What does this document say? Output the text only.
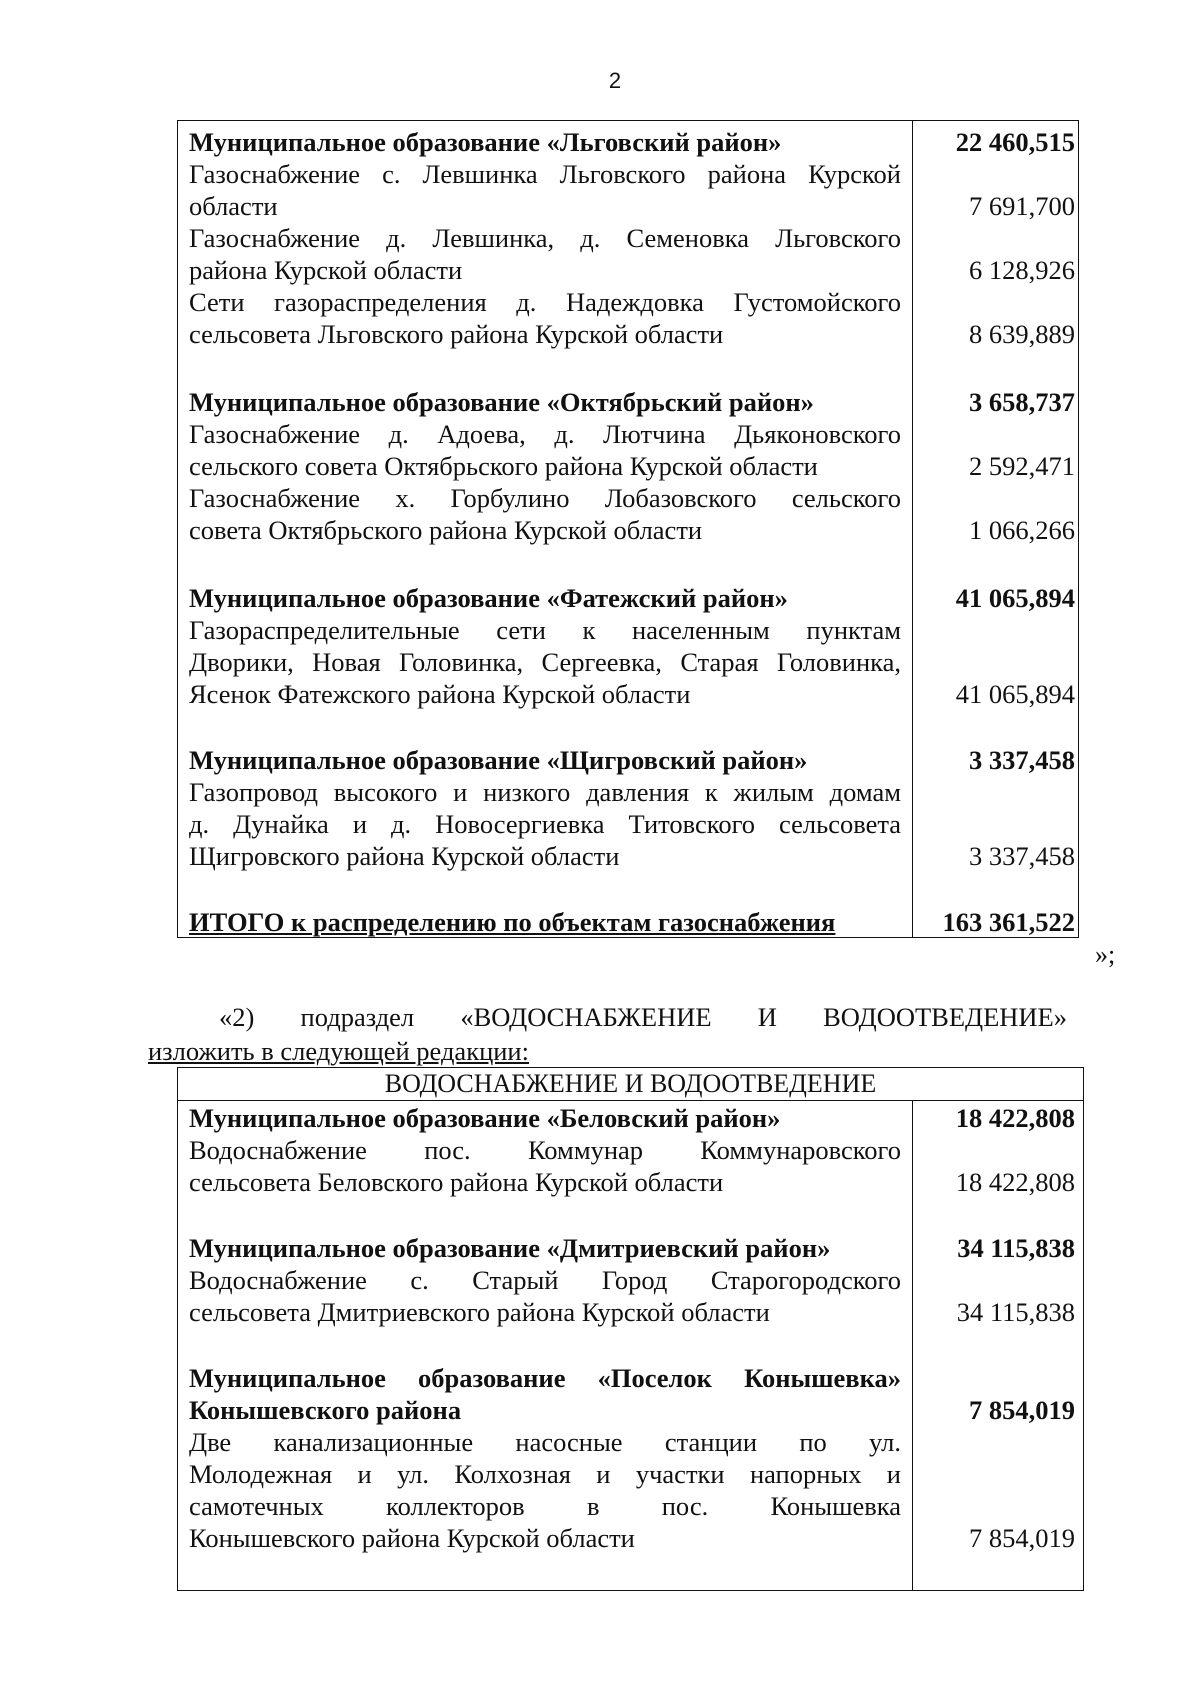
2
Муниципальное образование «Льговский район»	22 460,515
Газоснабжение с. Левшинка Льговского района Курской
области	7 691,700
Газоснабжение д. Левшинка, д. Семеновка Льговского
района Курской области	6 128,926
Сети газораспределения д. Надеждовка Густомойского
сельсовета Льговского района Курской области	8 639,889
Муниципальное образование «Октябрьский район»	3 658,737
Газоснабжение д. Адоева, д. Лютчина Дьяконовского
сельского совета Октябрьского района Курской области	2 592,471
Газоснабжение х. Горбулино Лобазовского сельского
совета Октябрьского района Курской области	1 066,266
Муниципальное образование «Фатежский район»	41 065,894
Газораспределительные сети к населенным пунктам
Дворики, Новая Головинка, Сергеевка, Старая Головинка,
Ясенок Фатежского района Курской области	41 065,894
Муниципальное образование «Щигровский район»	3 337,458
Газопровод высокого и низкого давления к жилым домам
д. Дунайка и д. Новосергиевка Титовского сельсовета
Щигровского района Курской области	3 337,458
ИТОГО к распределению по объектам газоснабжения	163 361,522
»;
«2) подраздел «ВОДОСНАБЖЕНИЕ И ВОДООТВЕДЕНИЕ»
изложить в следующей редакции:
ВОДОСНАБЖЕНИЕ И ВОДООТВЕДЕНИЕ
Муниципальное образование «Беловский район»	18 422,808
Водоснабжение пос. Коммунар Коммунаровского
сельсовета Беловского района Курской области	18 422,808
Муниципальное образование «Дмитриевский район»	34 115,838
Водоснабжение с. Старый Город Старогородского
сельсовета Дмитриевского района Курской области	34 115,838
Муниципальное образование «Поселок Конышевка»
Конышевского района	7 854,019
Две канализационные насосные станции по ул.
Молодежная и ул. Колхозная и участки напорных и
самотечных коллекторов в пос. Конышевка
Конышевского района Курской области	7 854,019
